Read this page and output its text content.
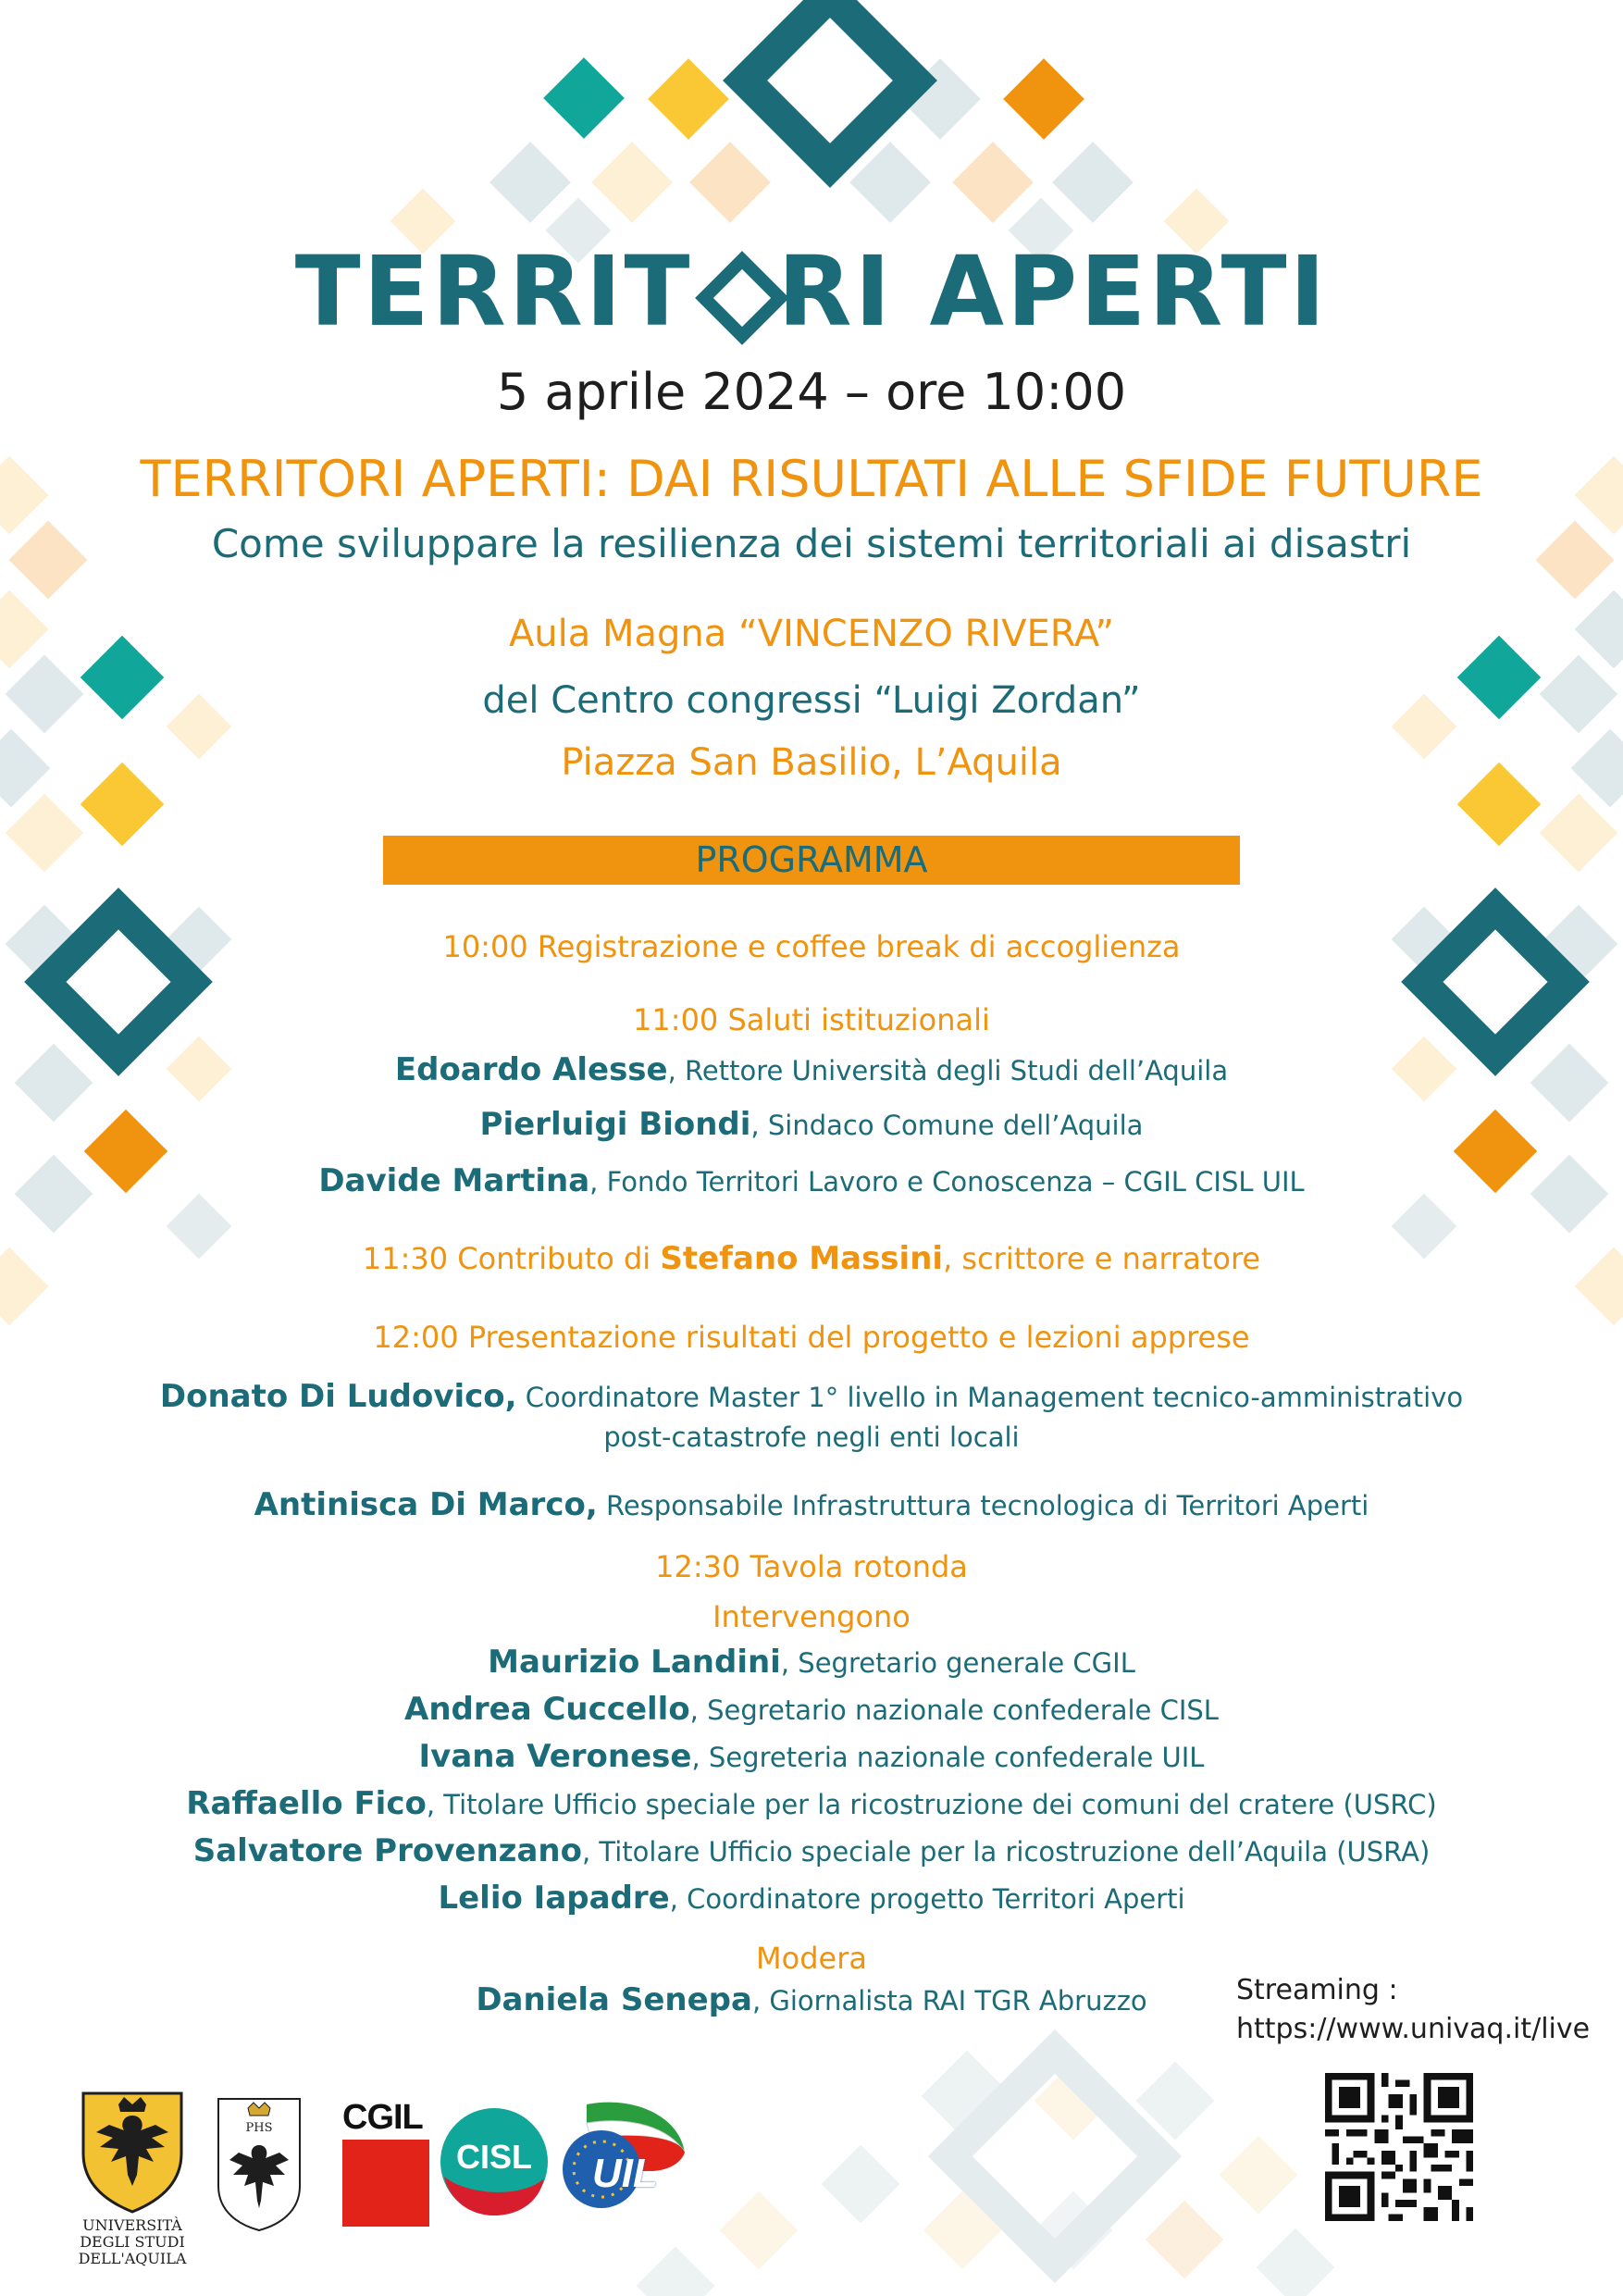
TERRIT RI APERTI
5 aprile 2024 – ore 10:00
TERRITORI APERTI: DAI RISULTATI ALLE SFIDE FUTURE
Come sviluppare la resilienza dei sistemi territoriali ai disastri
Aula Magna “VINCENZO RIVERA”
del Centro congressi “Luigi Zordan”
Piazza San Basilio, L’Aquila
PROGRAMMA
10:00 Registrazione e coffee break di accoglienza
11:00 Saluti istituzionali
Edoardo Alesse, Rettore Università degli Studi dell’Aquila
Pierluigi Biondi, Sindaco Comune dell’Aquila
Davide Martina, Fondo Territori Lavoro e Conoscenza – CGIL CISL UIL
11:30 Contributo di Stefano Massini, scrittore e narratore
12:00 Presentazione risultati del progetto e lezioni apprese
Donato Di Ludovico, Coordinatore Master 1° livello in Management tecnico-amministrativo
post-catastrofe negli enti locali
Antinisca Di Marco, Responsabile Infrastruttura tecnologica di Territori Aperti
12:30 Tavola rotonda
Intervengono
Maurizio Landini, Segretario generale CGIL
Andrea Cuccello, Segretario nazionale confederale CISL
Ivana Veronese, Segreteria nazionale confederale UIL
Raffaello Fico, Titolare Ufficio speciale per la ricostruzione dei comuni del cratere (USRC)
Salvatore Provenzano, Titolare Ufficio speciale per la ricostruzione dell’Aquila (USRA)
Lelio Iapadre, Coordinatore progetto Territori Aperti
Modera
Daniela Senepa, Giornalista RAI TGR Abruzzo	Streaming :
https://www.univaq.it/live
UNIVERSITÀ
DEGLI STUDI
DELL'AQUILA
PHS	CGIL
CISL	UIL
